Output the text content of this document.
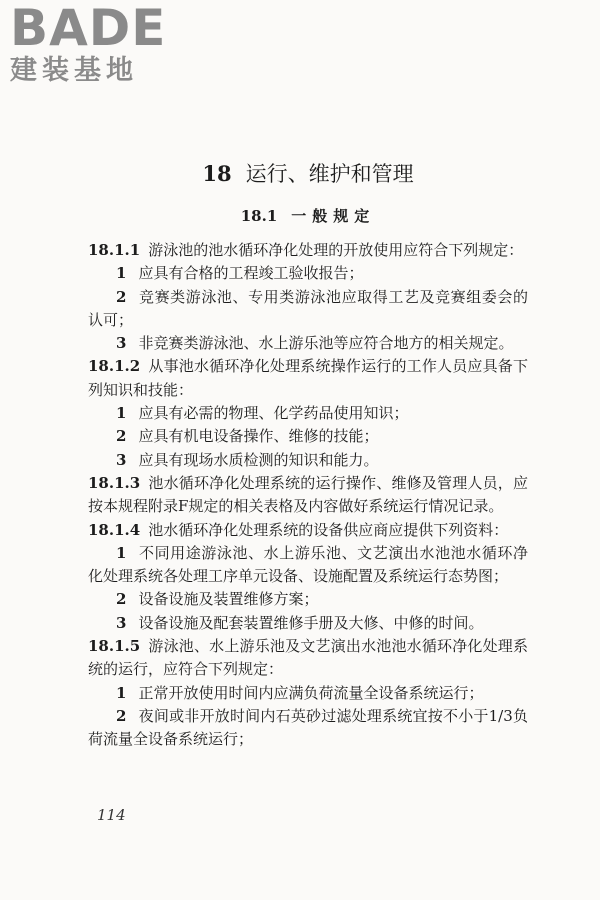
BADE
建装基地
18 运行、维护和管理
18.1 一般规定

18.1.1 游泳池的池水循环净化处理的开放使用应符合下列规定：

1 应具有合格的工程竣工验收报告；

2 竞赛类游泳池、专用类游泳池应取得工艺及竞赛组委会的认可；

3 非竞赛类游泳池、水上游乐池等应符合地方的相关规定。

18.1.2 从事池水循环净化处理系统操作运行的工作人员应具备下列知识和技能：

1 应具有必需的物理、化学药品使用知识；

2 应具有机电设备操作、维修的技能；

3 应具有现场水质检测的知识和能力。

18.1.3 池水循环净化处理系统的运行操作、维修及管理人员，应按本规程附录F规定的相关表格及内容做好系统运行情况记录。

18.1.4 池水循环净化处理系统的设备供应商应提供下列资料：

1 不同用途游泳池、水上游乐池、文艺演出水池池水循环净化处理系统各处理工序单元设备、设施配置及系统运行态势图；

2 设备设施及装置维修方案；

3 设备设施及配套装置维修手册及大修、中修的时间。

18.1.5 游泳池、水上游乐池及文艺演出水池池水循环净化处理系统的运行，应符合下列规定：

1 正常开放使用时间内应满负荷流量全设备系统运行；

2 夜间或非开放时间内石英砂过滤处理系统宜按不小于1/3负荷流量全设备系统运行；

114
